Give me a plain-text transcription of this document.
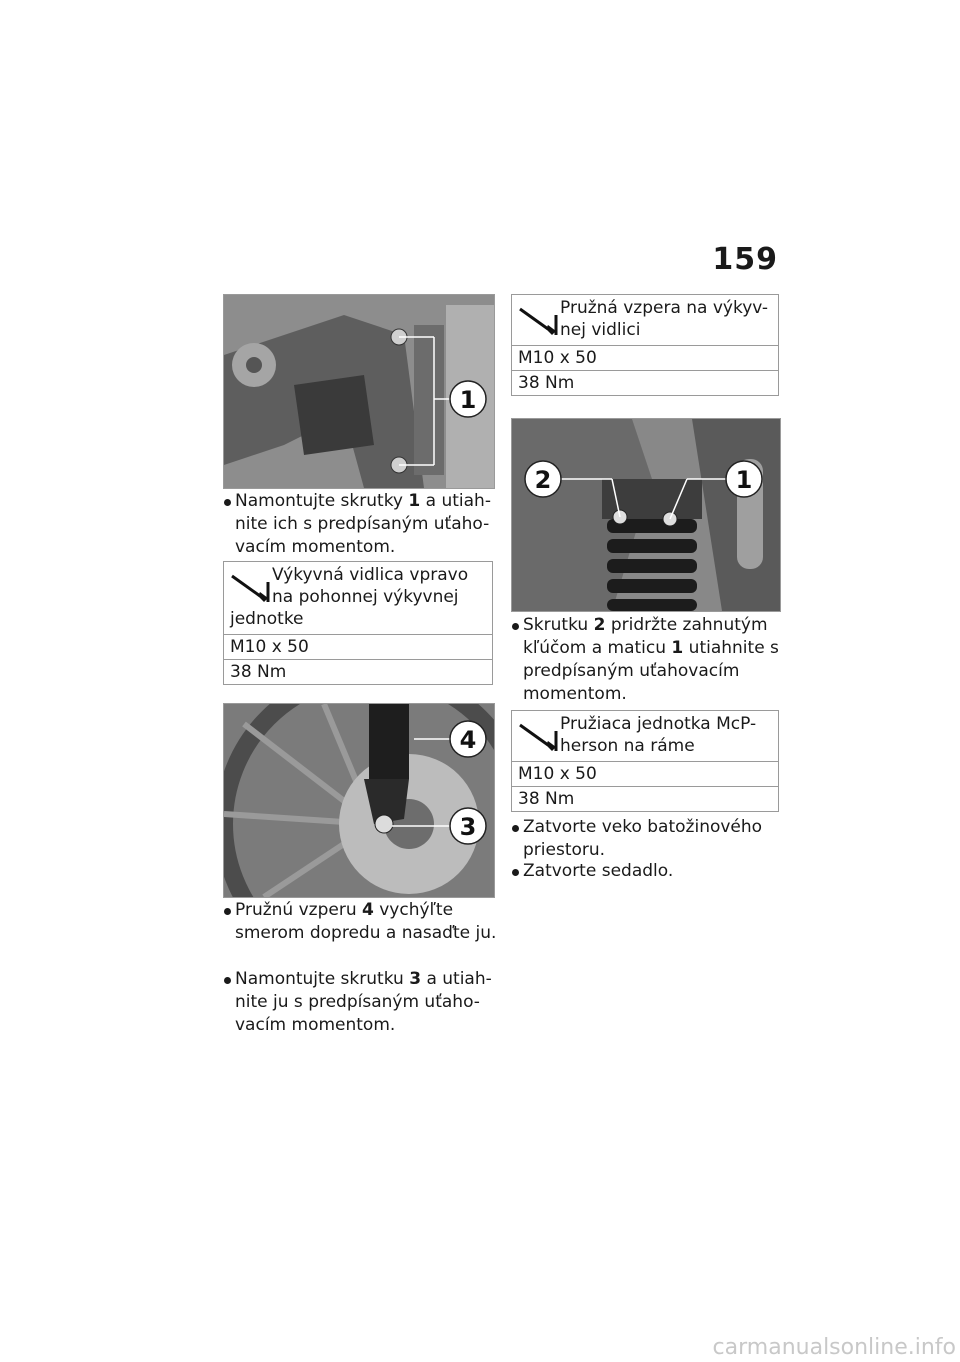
159
1
Namontujte skrutky 1 a utiah-nite ich s predpísaným uťaho-vacím momentom.
Výkyvná vidlica vpravo
na pohonnej výkyvnej
jednotke
M10 x 50
38 Nm
4
3
Pružnú vzperu 4 vychýľte smerom dopredu a nasaďte ju.
Namontujte skrutku 3 a utiah-nite ju s predpísaným uťaho-vacím momentom.
Pružná vzpera na výkyv-
nej vidlici
M10 x 50
38 Nm
2	1
Skrutku 2 pridržte zahnutým kľúčom a maticu 1 utiahnite s predpísaným uťahovacím momentom.
Pružiaca jednotka McP-
herson na ráme
M10 x 50
38 Nm
Zatvorte veko batožinového priestoru.
Zatvorte sedadlo.
carmanualsonline.info
